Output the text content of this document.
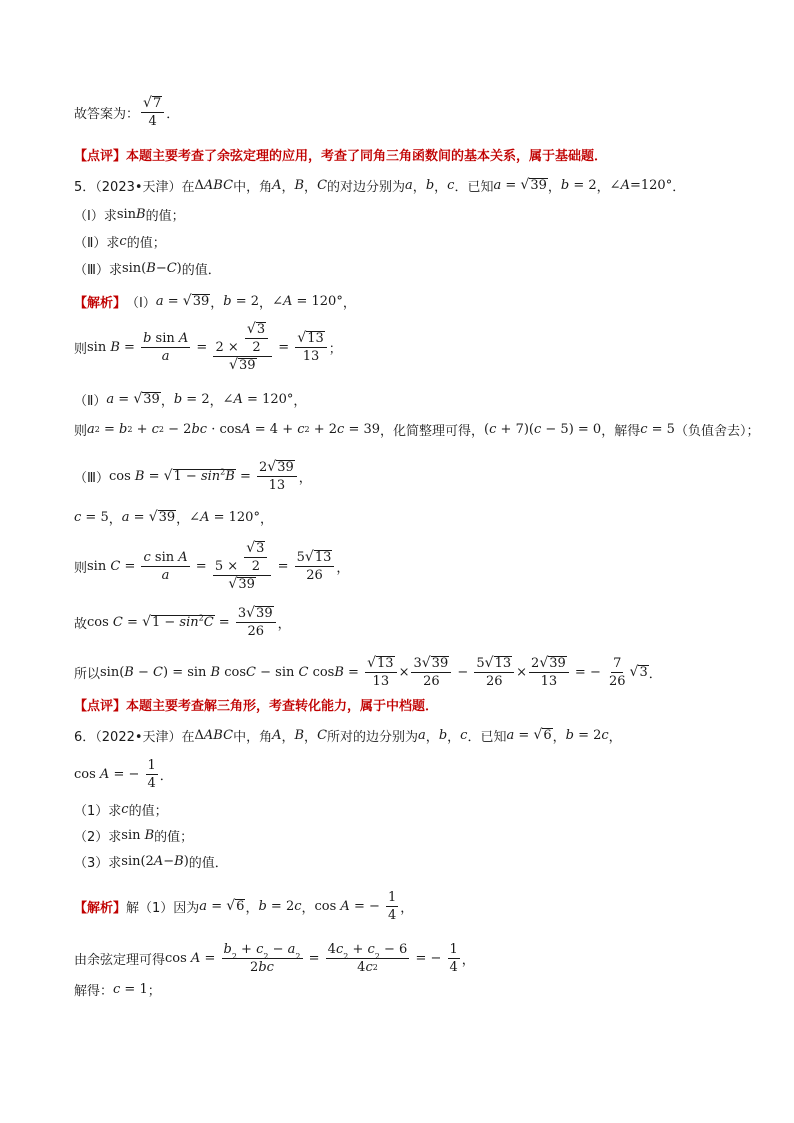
故答案为： $\frac{√ 7}{4}$ ．
【点评】 本题主要考查了余弦定理的应用，考查了同角三角函数间的基本关系，属于基础题．
5．（2023•天津）在 Δ ABC 中，角 A ， B ， C 的对边分别为 a ， b ， c ．已知 a = √ 39 ， b = 2 ， ∠ A = 120° ．
（Ⅰ）求 sin B 的值；
（Ⅱ）求 c 的值；
（Ⅲ）求 sin( B − C ) 的值．
【解析】 （Ⅰ） a = √ 39 ， b = 2 ， ∠ A = 120° ，
则 $\sin B = \frac{\text{b sin A}}{a} = \frac{2 \times \frac{√ 3}{2}}{√ 39} = \frac{√ 13}{13}$ ；
（Ⅱ） a = √ 39 ， b = 2 ， ∠ A = 120° ，
则 a 2 = b 2 + c 2 − 2 bc · cos A = 4 + c 2 + 2 c = 39 ，化简整理可得， ( c + 7)( c − 5) = 0 ，解得 c = 5 （负值舍去）；
（Ⅲ） cos B = √ $1 - \sin^2B = \frac{2 √ 39}{13}$ ，
c = 5 ， a = √ 39 ， ∠ A = 120° ，
则 $\sin C = \frac{\text{c sin A}}{a} = \frac{5 \times \frac{√ 3}{2}}{√ 39} = \frac{5 √ 13}{26}$ ，
故 cos C = √ $1 - \sin^2C = \frac{3 √ 39}{26}$ ，
所以 sin( B − C ) = sin B cos C − sin C $\cos B = \frac{√ 13}{13} \times \frac{3 √ 39}{26} - \frac{5 √ 13}{26} \times \frac{2 √ 39}{13}$ = − $\frac{7}{26}$ √ 3 ．
【点评】 本题主要考查解三角形，考查转化能力，属于中档题．
6．（2022•天津）在 Δ ABC 中，角 A ， B ， C 所对的边分别为 a ， b ， c ．已知 a = √ 6 ， b = 2 c ，
cos A = − $\frac{1}{4}$ ．
（1）求 c 的值；
（2）求 sin B 的值；
（3）求 sin(2 A − B ) 的值．
【解析】 解（1）因为 a = √ 6 ， b = 2 c ， cos A = − $\frac{1}{4}$ ，
由余弦定理可得 $\cos A = \frac{b 2 + c 2 - a 2}{2 bc} = \frac{4 c 2 + c 2 - 6}{4 c 2}$ = − $\frac{1}{4}$ ，
解得： c = 1 ；
